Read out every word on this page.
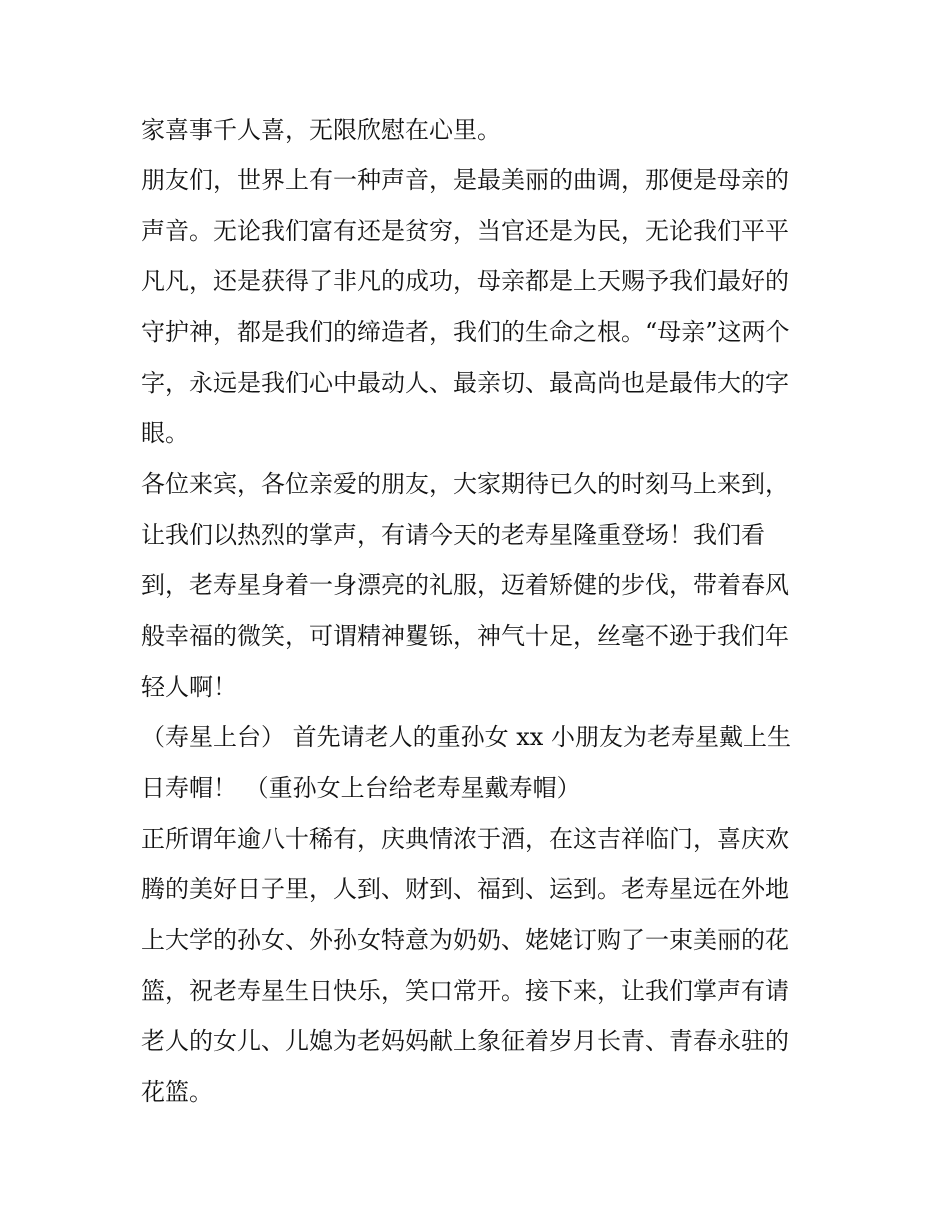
家喜事千人喜，无限欣慰在心里。

朋友们，世界上有一种声音，是最美丽的曲调，那便是母亲的

声音。无论我们富有还是贫穷，当官还是为民，无论我们平平

凡凡，还是获得了非凡的成功，母亲都是上天赐予我们最好的

守护神，都是我们的缔造者，我们的生命之根。“母亲”这两个

字，永远是我们心中最动人、最亲切、最高尚也是最伟大的字

眼。

各位来宾，各位亲爱的朋友，大家期待已久的时刻马上来到，

让我们以热烈的掌声，有请今天的老寿星隆重登场！我们看

到，老寿星身着一身漂亮的礼服，迈着矫健的步伐，带着春风

般幸福的微笑，可谓精神矍铄，神气十足，丝毫不逊于我们年

轻人啊！

（寿星上台） 首先请老人的重孙女 xx 小朋友为老寿星戴上生

日寿帽！ （重孙女上台给老寿星戴寿帽）

正所谓年逾八十稀有，庆典情浓于酒，在这吉祥临门，喜庆欢

腾的美好日子里，人到、财到、福到、运到。老寿星远在外地

上大学的孙女、外孙女特意为奶奶、姥姥订购了一束美丽的花

篮，祝老寿星生日快乐，笑口常开。接下来，让我们掌声有请

老人的女儿、儿媳为老妈妈献上象征着岁月长青、青春永驻的

花篮。
